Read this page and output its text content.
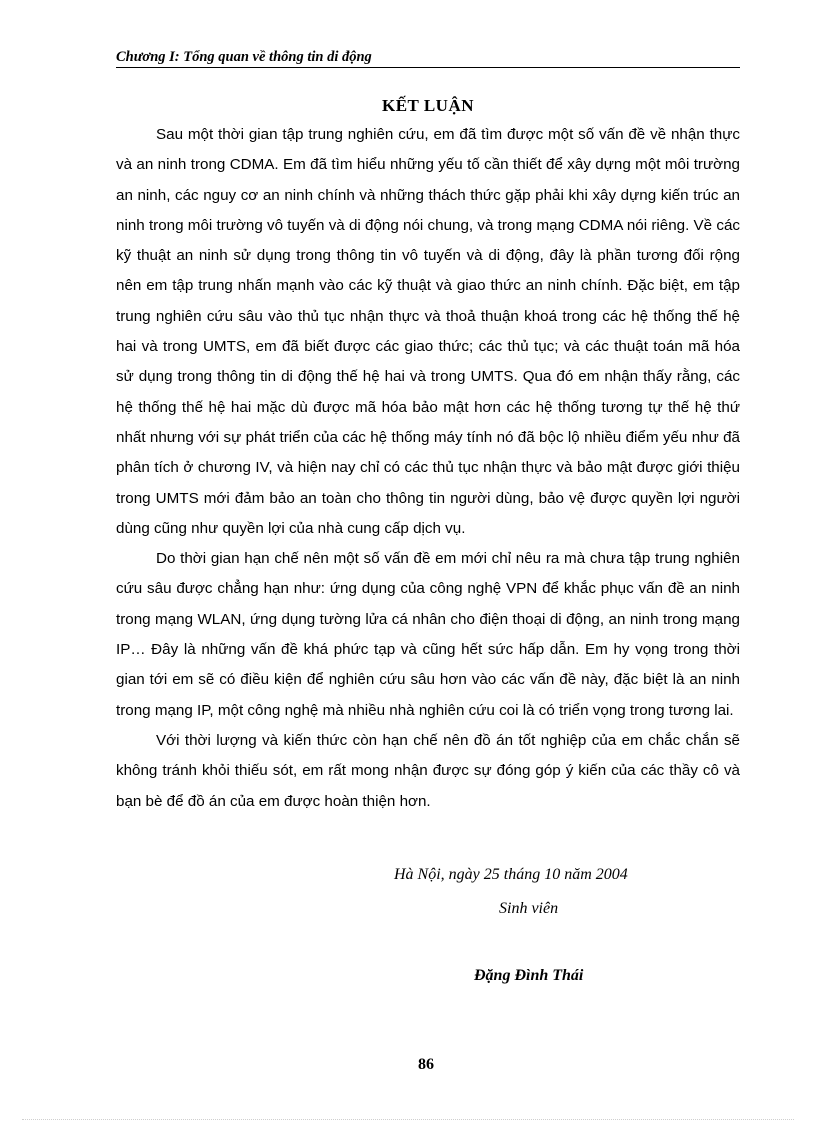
Chương I: Tổng quan về thông tin di động
KẾT LUẬN

Sau một thời gian tập trung nghiên cứu, em đã tìm được một số vấn đề về nhận thực và an ninh trong CDMA. Em đã tìm hiểu những yếu tố cần thiết để xây dựng một môi trường an ninh, các nguy cơ an ninh chính và những thách thức gặp phải khi xây dựng kiến trúc an ninh trong môi trường vô tuyến và di động nói chung, và trong mạng CDMA nói riêng. Về các kỹ thuật an ninh sử dụng trong thông tin vô tuyến và di động, đây là phần tương đối rộng nên em tập trung nhấn mạnh vào các kỹ thuật và giao thức an ninh chính. Đặc biệt, em tập trung nghiên cứu sâu vào thủ tục nhận thực và thoả thuận khoá trong các hệ thống thế hệ hai và trong UMTS, em đã biết được các giao thức; các thủ tục; và các thuật toán mã hóa sử dụng trong thông tin di động thế hệ hai và trong UMTS. Qua đó em nhận thấy rằng, các hệ thống thế hệ hai mặc dù được mã hóa bảo mật hơn các hệ thống tương tự thế hệ thứ nhất nhưng với sự phát triển của các hệ thống máy tính nó đã bộc lộ nhiều điểm yếu như đã phân tích ở chương IV, và hiện nay chỉ có các thủ tục nhận thực và bảo mật được giới thiệu trong UMTS mới đảm bảo an toàn cho thông tin người dùng, bảo vệ được quyền lợi người dùng cũng như quyền lợi của nhà cung cấp dịch vụ.

Do thời gian hạn chế nên một số vấn đề em mới chỉ nêu ra mà chưa tập trung nghiên cứu sâu được chẳng hạn như: ứng dụng của công nghệ VPN để khắc phục vấn đề an ninh trong mạng WLAN, ứng dụng tường lửa cá nhân cho điện thoại di động, an ninh trong mạng IP… Đây là những vấn đề khá phức tạp và cũng hết sức hấp dẫn. Em hy vọng trong thời gian tới em sẽ có điều kiện để nghiên cứu sâu hơn vào các vấn đề này, đặc biệt là an ninh trong mạng IP, một công nghệ mà nhiều nhà nghiên cứu coi là có triển vọng trong tương lai.

Với thời lượng và kiến thức còn hạn chế nên đồ án tốt nghiệp của em chắc chắn sẽ không tránh khỏi thiếu sót, em rất mong nhận được sự đóng góp ý kiến của các thầy cô và bạn bè để đồ án của em được hoàn thiện hơn.

Hà Nội, ngày 25 tháng 10 năm 2004
Sinh viên
Đặng Đình Thái
86
